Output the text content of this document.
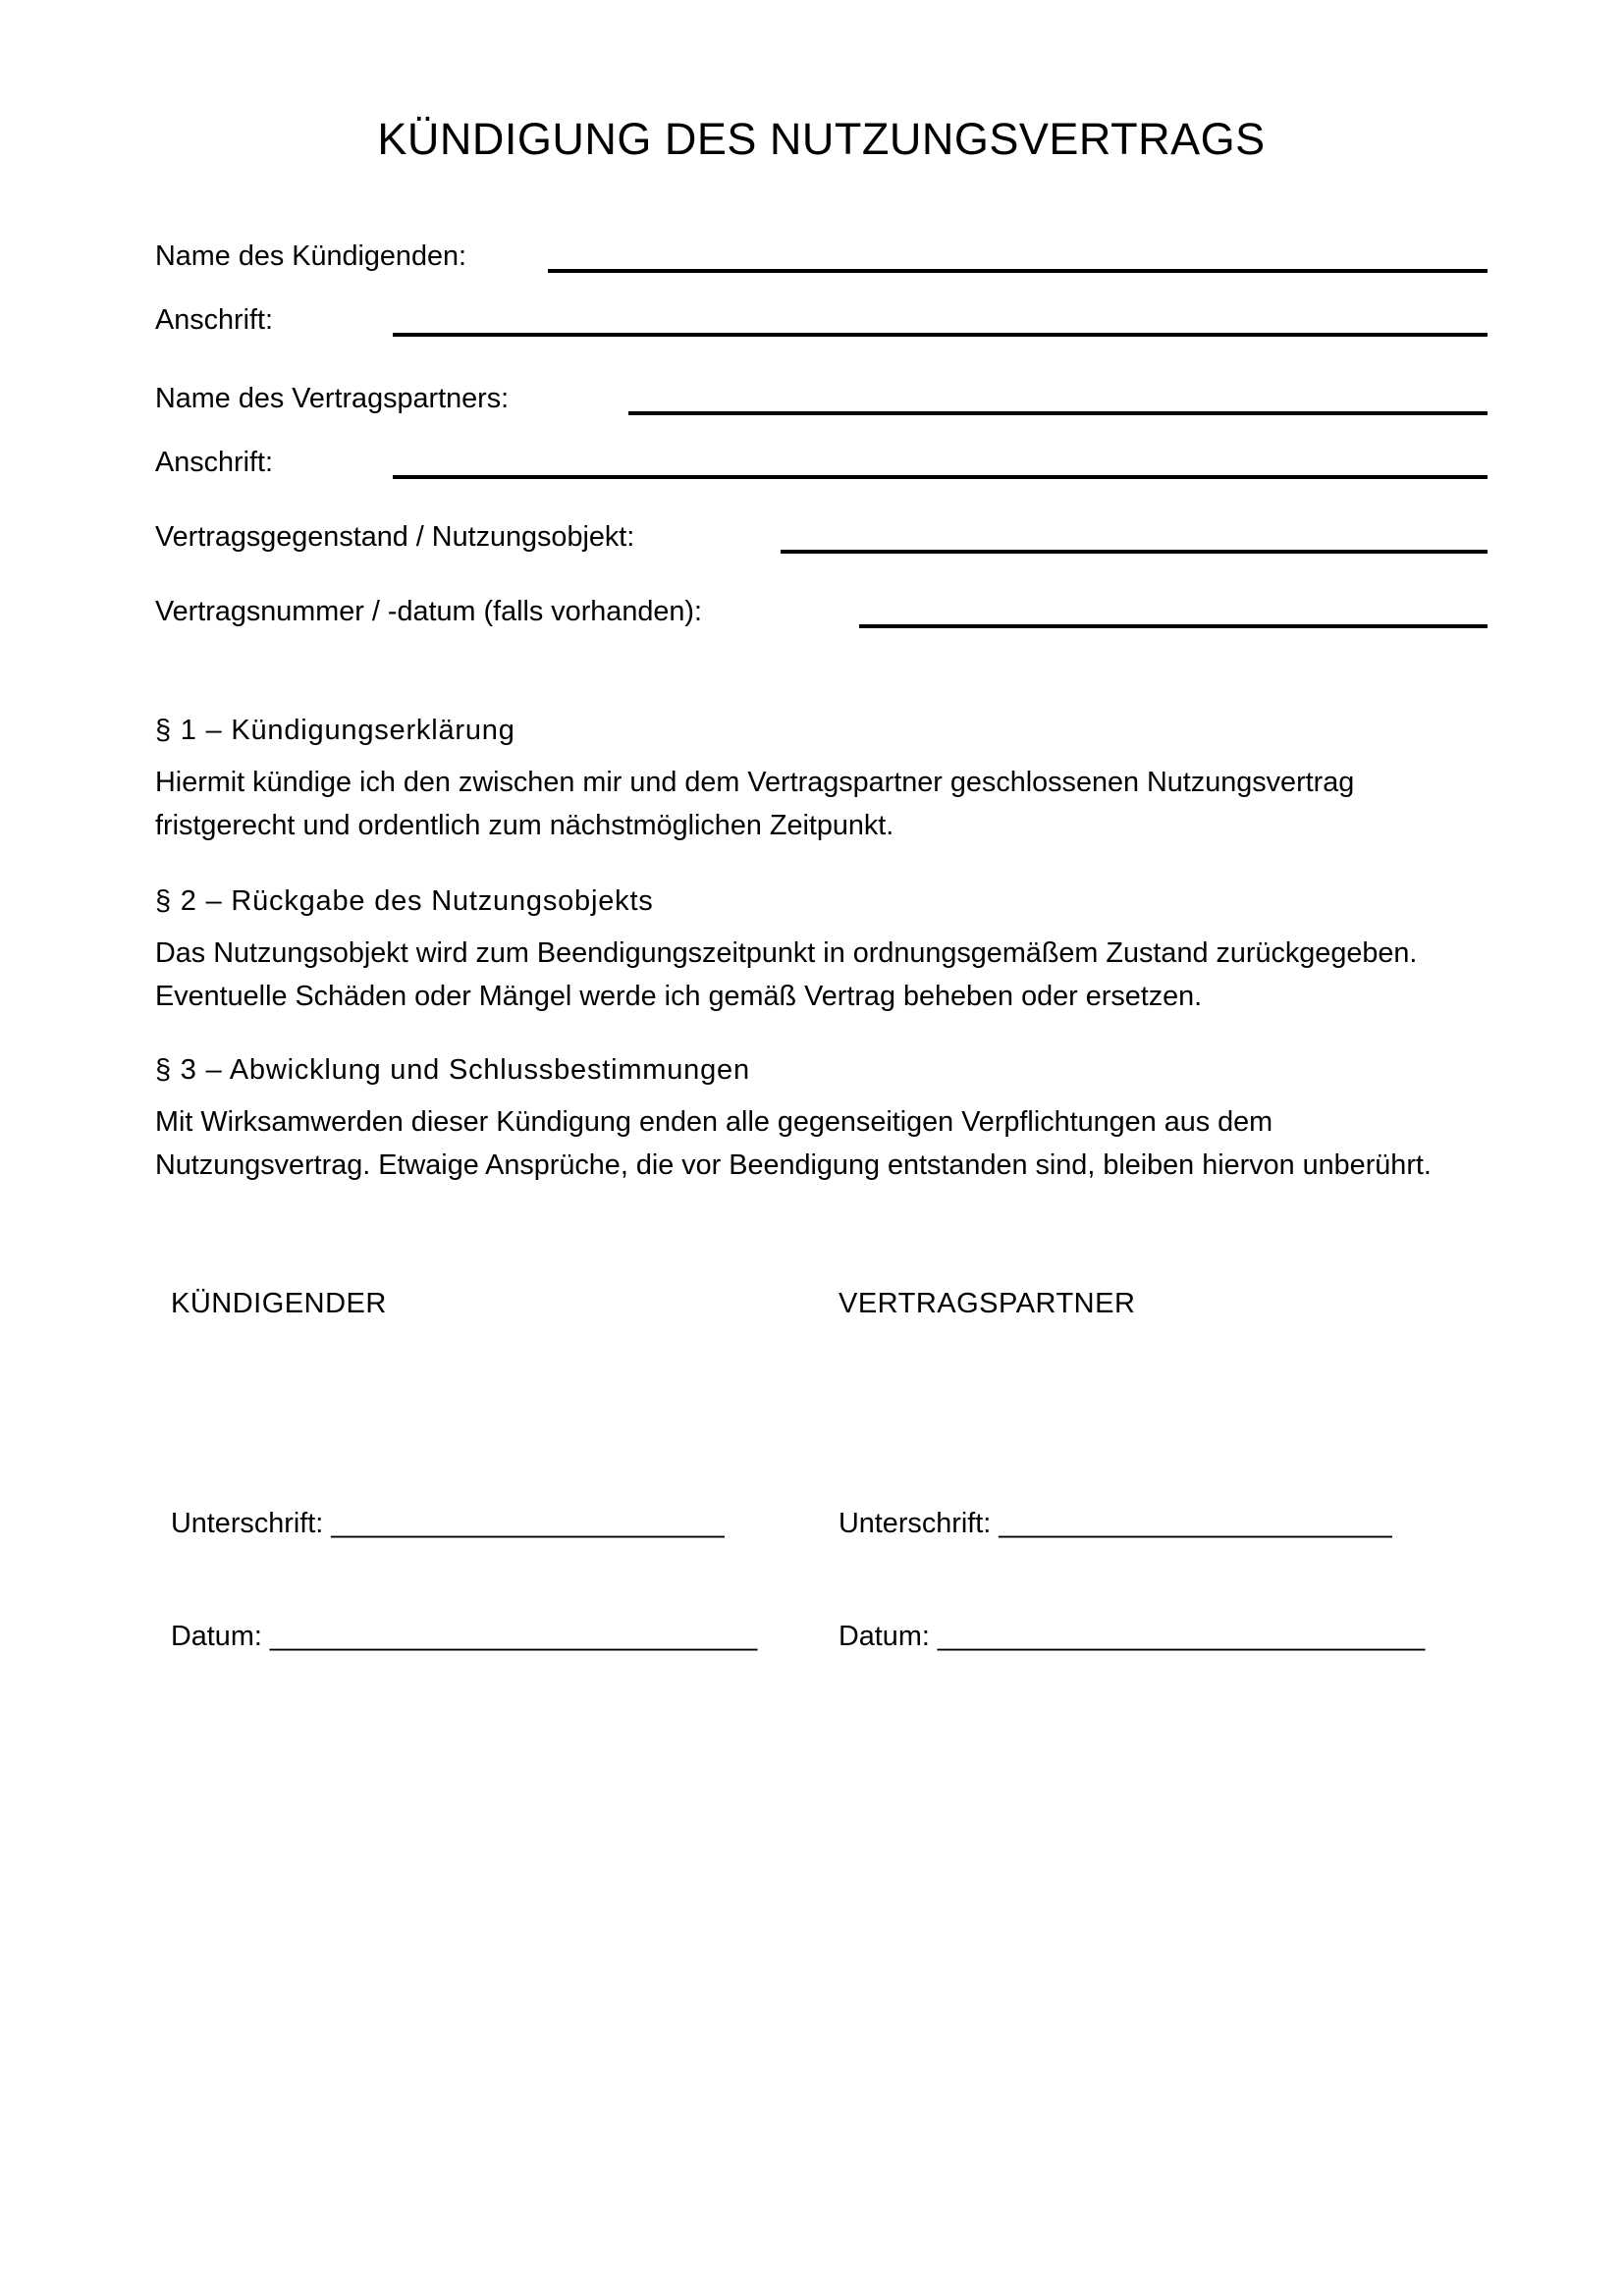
KÜNDIGUNG DES NUTZUNGSVERTRAGS
Name des Kündigenden:
Anschrift:
Name des Vertragspartners:
Anschrift:
Vertragsgegenstand / Nutzungsobjekt:
Vertragsnummer / -datum (falls vorhanden):
§ 1 – Kündigungserklärung

Hiermit kündige ich den zwischen mir und dem Vertragspartner geschlossenen Nutzungsvertrag fristgerecht und ordentlich zum nächstmöglichen Zeitpunkt.

§ 2 – Rückgabe des Nutzungsobjekts

Das Nutzungsobjekt wird zum Beendigungszeitpunkt in ordnungsgemäßem Zustand zurückgegeben. Eventuelle Schäden oder Mängel werde ich gemäß Vertrag beheben oder ersetzen.

§ 3 – Abwicklung und Schlussbestimmungen

Mit Wirksamwerden dieser Kündigung enden alle gegenseitigen Verpflichtungen aus dem Nutzungsvertrag. Etwaige Ansprüche, die vor Beendigung entstanden sind, bleiben hiervon unberührt.

KÜNDIGENDER	VERTRAGSPARTNER
Unterschrift: _________________________	Unterschrift: _________________________
Datum: _______________________________	Datum: _______________________________
